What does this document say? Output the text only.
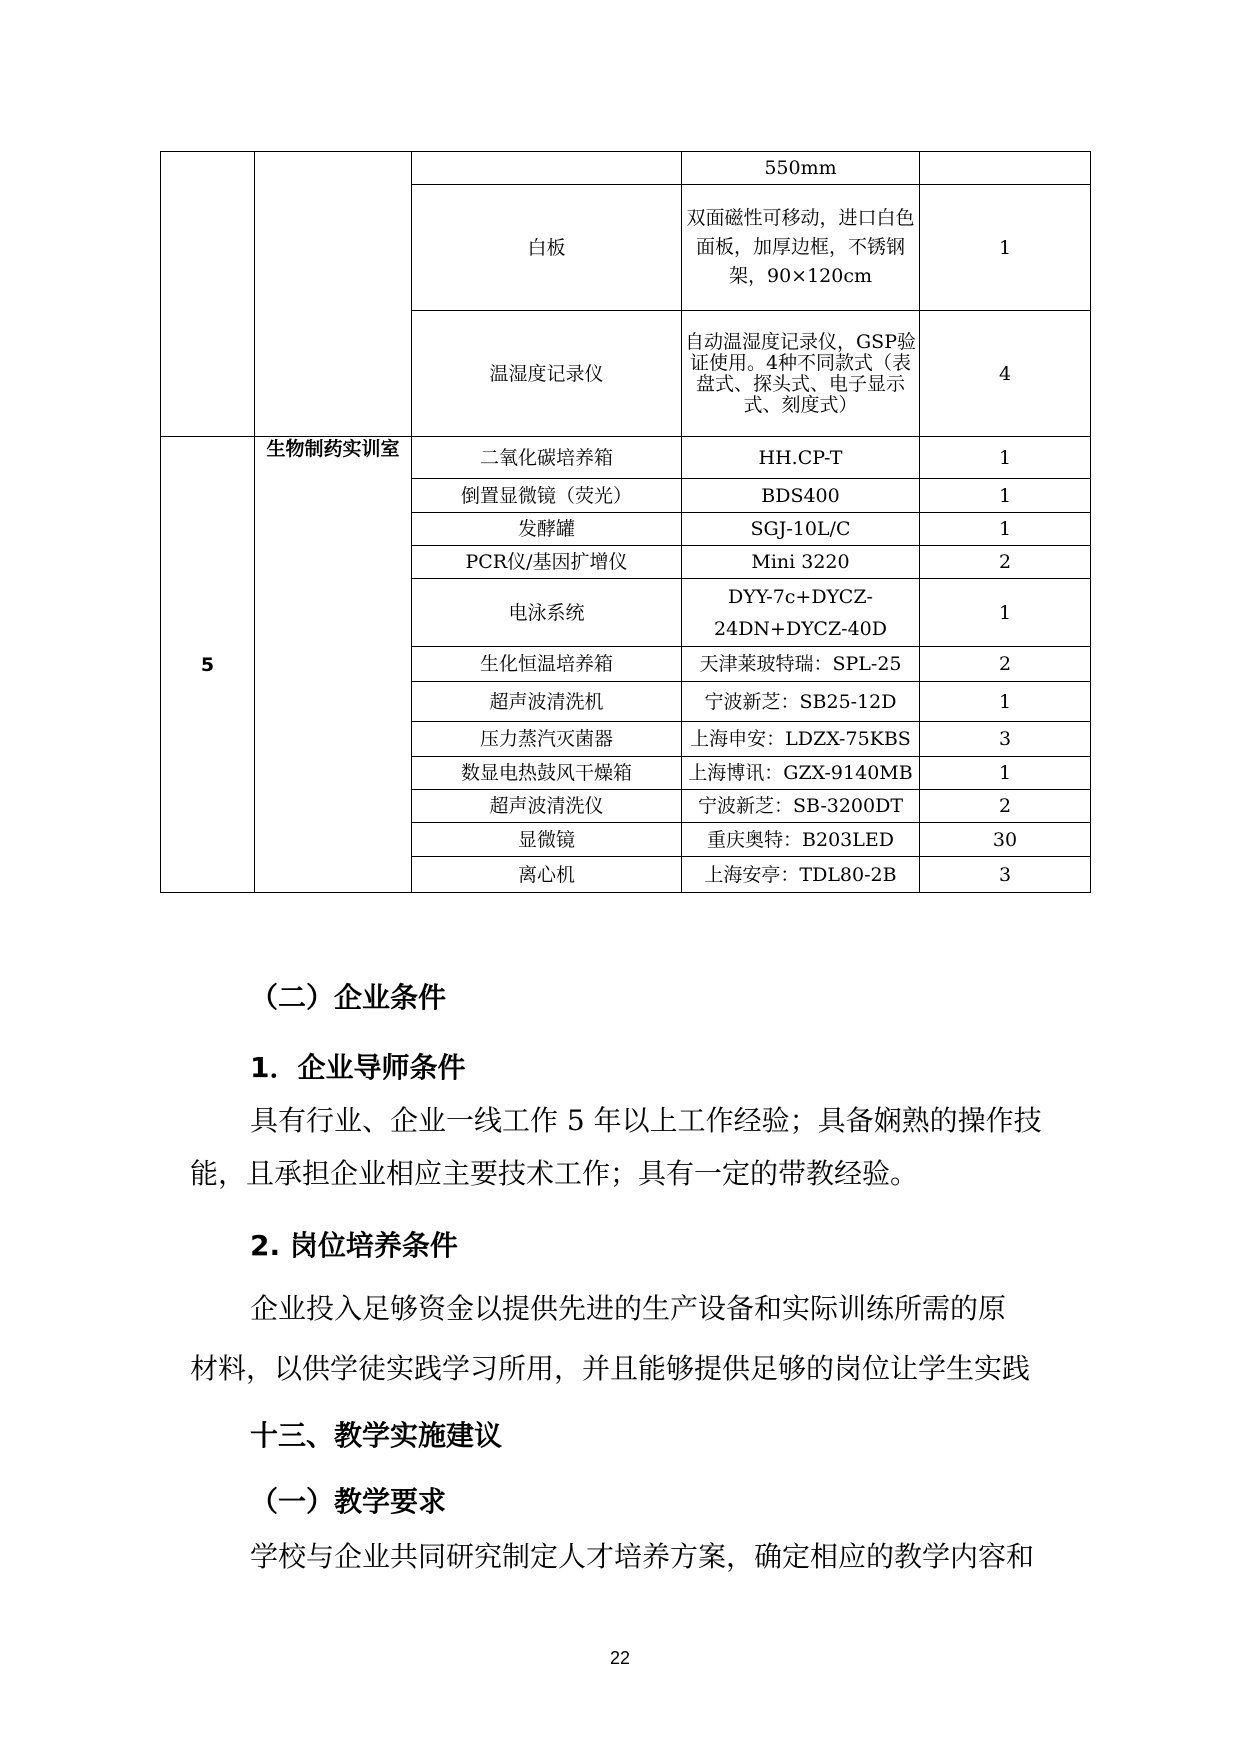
			550mm	
		白板	双面磁性可移动，进口白色面板，加厚边框，不锈钢架，90×120cm	1
		温湿度记录仪	自动温湿度记录仪，GSP验证使用。4种不同款式（表盘式、探头式、电子显示式、刻度式）	4
5	生物制药实训室	二氧化碳培养箱	HH.CP-T	1
		倒置显微镜（荧光）	BDS400	1
		发酵罐	SGJ-10L/C	1
		PCR仪/基因扩增仪	Mini 3220	2
		电泳系统	DYY-7c+DYCZ-24DN+DYCZ-40D	1
		生化恒温培养箱	天津莱玻特瑞：SPL-25	2
		超声波清洗机	宁波新芝：SB25-12D	1
		压力蒸汽灭菌器	上海申安：LDZX-75KBS	3
		数显电热鼓风干燥箱	上海博讯：GZX-9140MB	1
		超声波清洗仪	宁波新芝：SB-3200DT	2
		显微镜	重庆奥特：B203LED	30
		离心机	上海安亭：TDL80-2B	3
（二）企业条件
1．企业导师条件
具有行业、企业一线工作 5 年以上工作经验；具备娴熟的操作技
能，且承担企业相应主要技术工作；具有一定的带教经验。
2. 岗位培养条件
企业投入足够资金以提供先进的生产设备和实际训练所需的原
材料，以供学徒实践学习所用，并且能够提供足够的岗位让学生实践
十三、教学实施建议
（一）教学要求
学校与企业共同研究制定人才培养方案，确定相应的教学内容和
22
